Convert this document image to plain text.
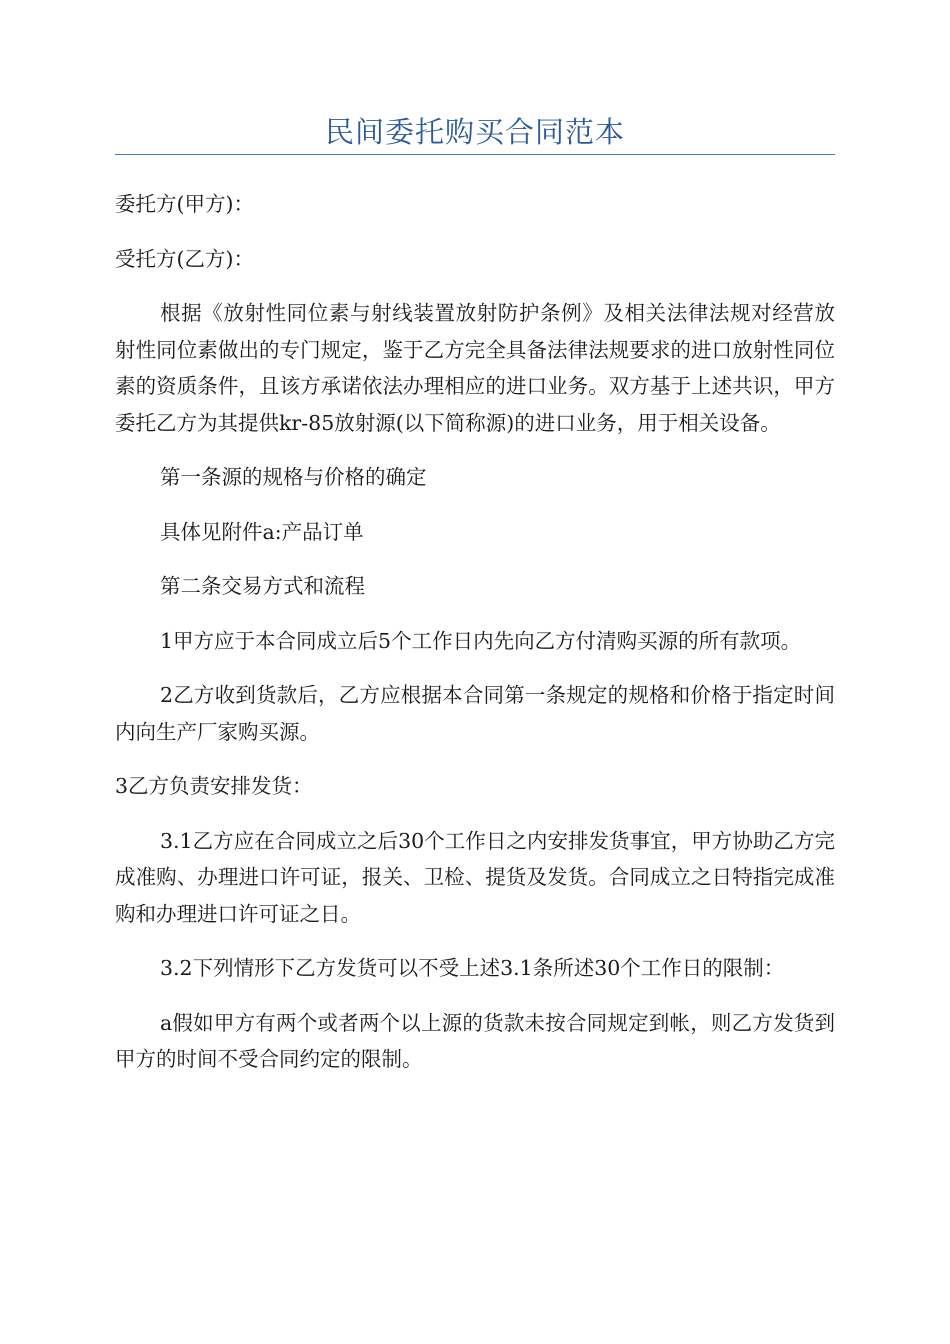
民间委托购买合同范本

委托方(甲方)：

受托方(乙方)：

根据《放射性同位素与射线装置放射防护条例》及相关法律法规对经营放射性同位素做出的专门规定，鉴于乙方完全具备法律法规要求的进口放射性同位素的资质条件，且该方承诺依法办理相应的进口业务。双方基于上述共识，甲方委托乙方为其提供kr-85放射源(以下简称源)的进口业务，用于相关设备。

第一条源的规格与价格的确定

具体见附件a:产品订单

第二条交易方式和流程

1甲方应于本合同成立后5个工作日内先向乙方付清购买源的所有款项。

2乙方收到货款后，乙方应根据本合同第一条规定的规格和价格于指定时间内向生产厂家购买源。

3乙方负责安排发货：

3.1乙方应在合同成立之后30个工作日之内安排发货事宜，甲方协助乙方完成准购、办理进口许可证，报关、卫检、提货及发货。合同成立之日特指完成准购和办理进口许可证之日。

3.2下列情形下乙方发货可以不受上述3.1条所述30个工作日的限制：

a假如甲方有两个或者两个以上源的货款未按合同规定到帐，则乙方发货到甲方的时间不受合同约定的限制。
